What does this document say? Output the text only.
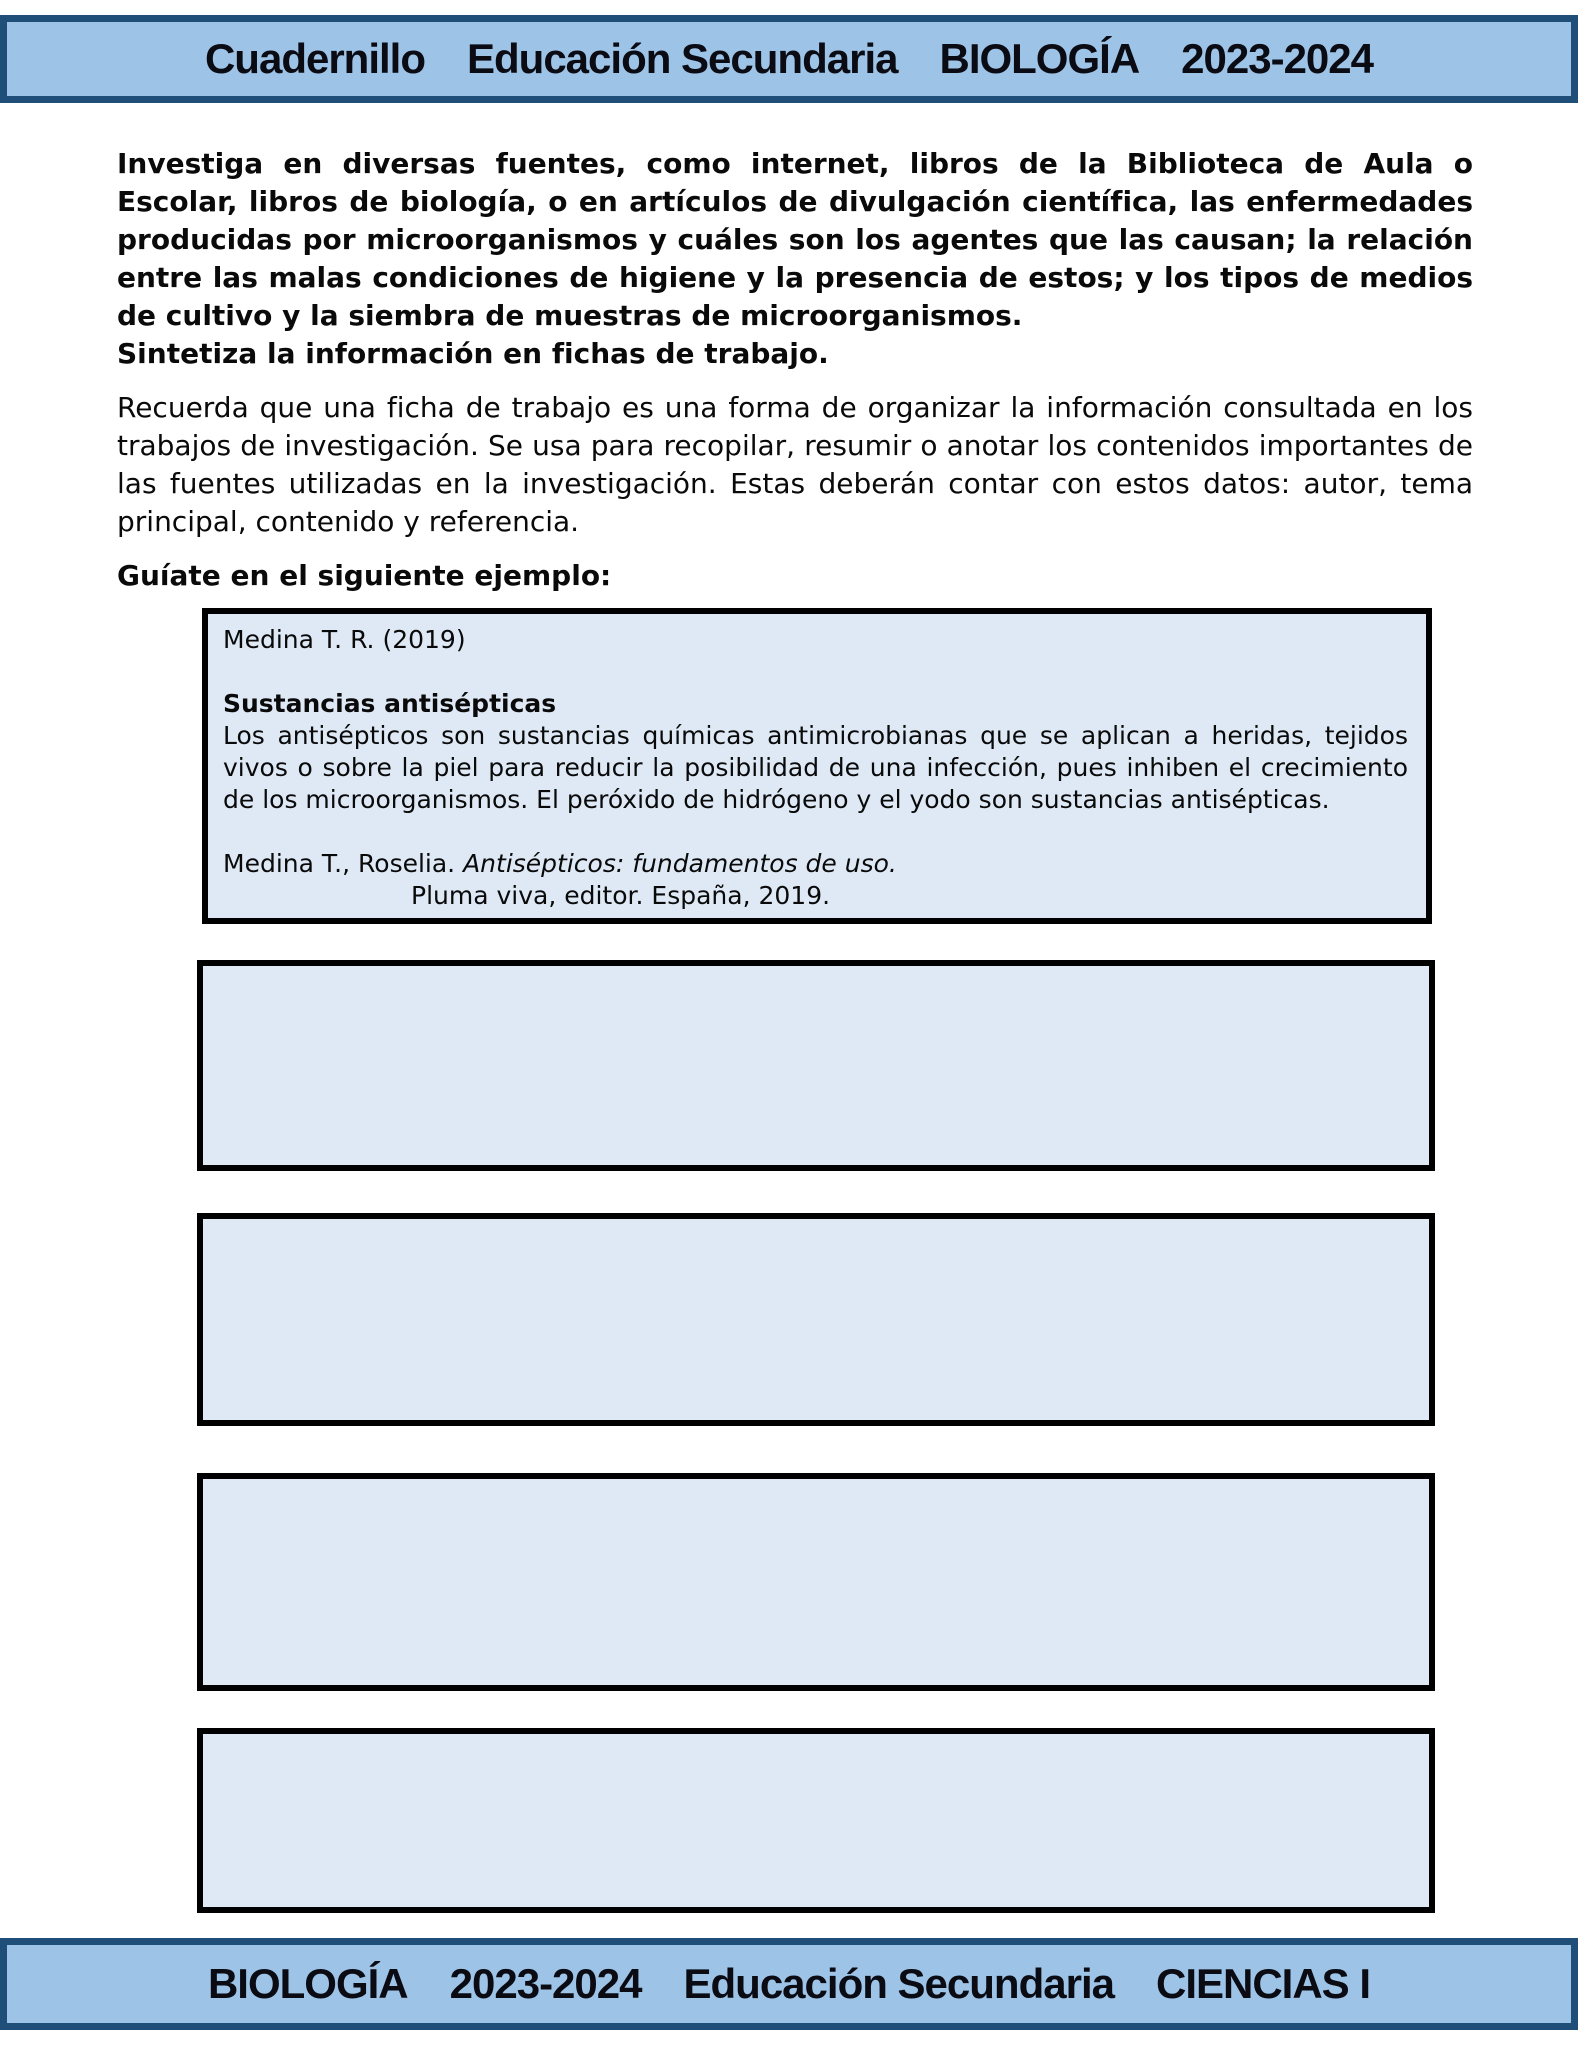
Cuadernillo Educación Secundaria BIOLOGÍA 2023-2024

Investiga en diversas fuentes, como internet, libros de la Biblioteca de Aula o Escolar, libros de biología, o en artículos de divulgación científica, las enfermedades producidas por microorganismos y cuáles son los agentes que las causan; la relación entre las malas condiciones de higiene y la presencia de estos; y los tipos de medios de cultivo y la siembra de muestras de microorganismos.

Sintetiza la información en fichas de trabajo.

Recuerda que una ficha de trabajo es una forma de organizar la información consultada en los trabajos de investigación. Se usa para recopilar, resumir o anotar los contenidos importantes de las fuentes utilizadas en la investigación. Estas deberán contar con estos datos: autor, tema principal, contenido y referencia.

Guíate en el siguiente ejemplo:

Medina T. R. (2019)
Sustancias antisépticas
Los antisépticos son sustancias químicas antimicrobianas que se aplican a heridas, tejidos vivos o sobre la piel para reducir la posibilidad de una infección, pues inhiben el crecimiento de los microorganismos. El peróxido de hidrógeno y el yodo son sustancias antisépticas.
Medina T., Roselia. Antisépticos: fundamentos de uso.
Pluma viva, editor. España, 2019.
BIOLOGÍA 2023-2024 Educación Secundaria CIENCIAS I
